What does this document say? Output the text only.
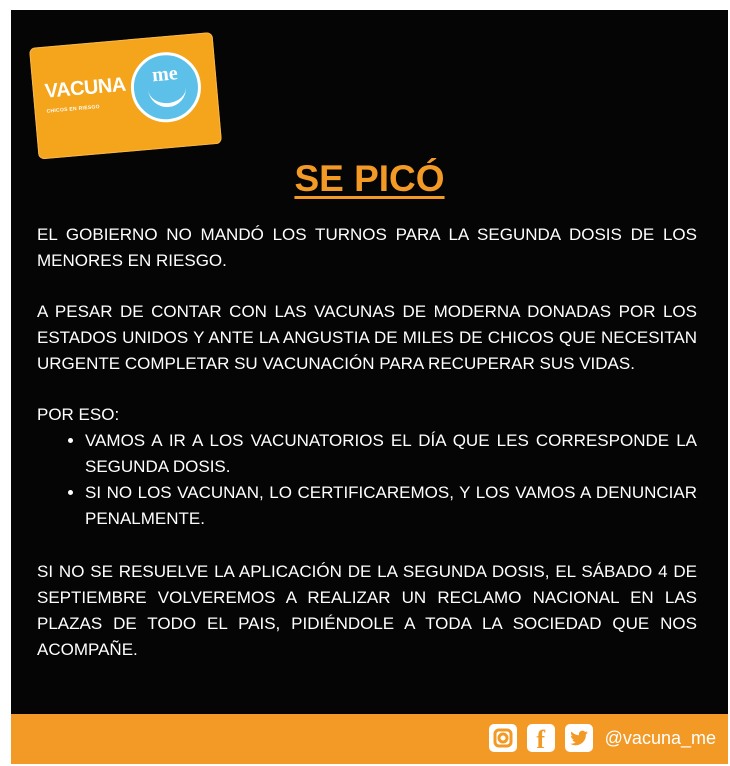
VACUNA	me
CHICOS EN RIESGO
SE PICÓ

EL GOBIERNO NO MANDÓ LOS TURNOS PARA LA SEGUNDA DOSIS DE LOS MENORES EN RIESGO.

A PESAR DE CONTAR CON LAS VACUNAS DE MODERNA DONADAS POR LOS ESTADOS UNIDOS Y ANTE LA ANGUSTIA DE MILES DE CHICOS QUE NECESITAN URGENTE COMPLETAR SU VACUNACIÓN PARA RECUPERAR SUS VIDAS.

POR ESO:

• VAMOS A IR A LOS VACUNATORIOS EL DÍA QUE LES CORRESPONDE LA SEGUNDA DOSIS.
• SI NO LOS VACUNAN, LO CERTIFICAREMOS, Y LOS VAMOS A DENUNCIAR PENALMENTE.

SI NO SE RESUELVE LA APLICACIÓN DE LA SEGUNDA DOSIS, EL SÁBADO 4 DE SEPTIEMBRE VOLVEREMOS A REALIZAR UN RECLAMO NACIONAL EN LAS PLAZAS DE TODO EL PAIS, PIDIÉNDOLE A TODA LA SOCIEDAD QUE NOS ACOMPAÑE.

f	@vacuna_me
